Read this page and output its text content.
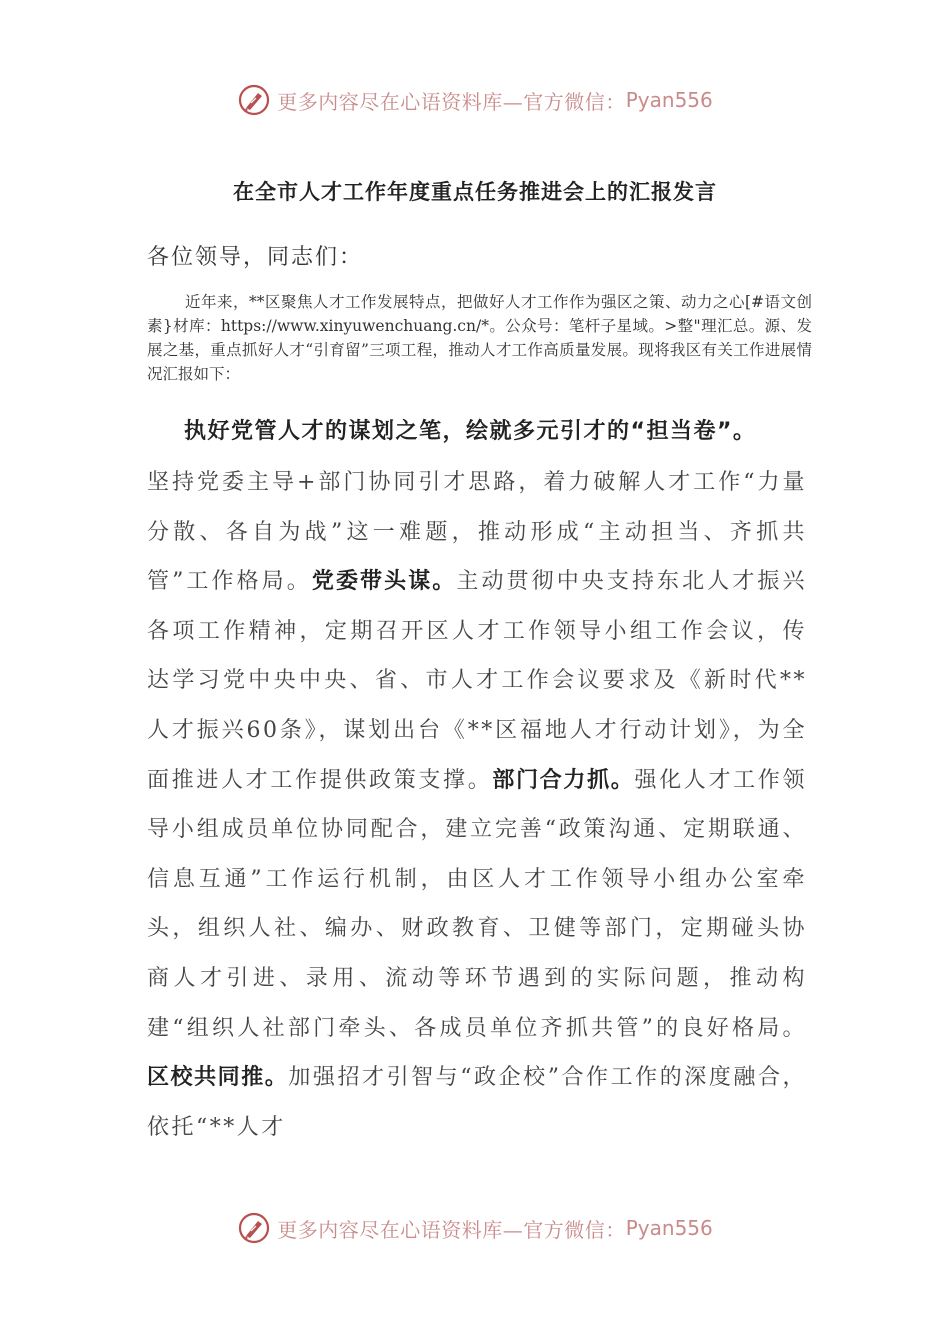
更多内容尽在心语资料库—官方微信： Pyan556
在全市人才工作年度重点任务推进会上的汇报发言
各位领导，同志们：
近年来，**区聚焦人才工作发展特点，把做好人才工作作为强区之策、动力之心[#语文创素}材库：https://www.xinyuwenchuang.cn/*。公众号：笔杆子星域。>整"理汇总。源、发展之基，重点抓好人才“引育留”三项工程，推动人才工作高质量发展。现将我区有关工作进展情况汇报如下：
执好党管人才的谋划之笔，绘就多元引才的“担当卷”。
坚持党委主导+部门协同引才思路，着力破解人才工作“力量分散、各自为战”这一难题，推动形成“主动担当、齐抓共管”工作格局。党委带头谋。主动贯彻中央支持东北人才振兴各项工作精神，定期召开区人才工作领导小组工作会议，传达学习党中央中央、省、市人才工作会议要求及《新时代**人才振兴60条》，谋划出台《**区福地人才行动计划》，为全面推进人才工作提供政策支撑。部门合力抓。强化人才工作领导小组成员单位协同配合，建立完善“政策沟通、定期联通、信息互通”工作运行机制，由区人才工作领导小组办公室牵头，组织人社、编办、财政教育、卫健等部门，定期碰头协商人才引进、录用、流动等环节遇到的实际问题，推动构建“组织人社部门牵头、各成员单位齐抓共管”的良好格局。区校共同推。加强招才引智与“政企校”合作工作的深度融合，依托“**人才
更多内容尽在心语资料库—官方微信： Pyan556
